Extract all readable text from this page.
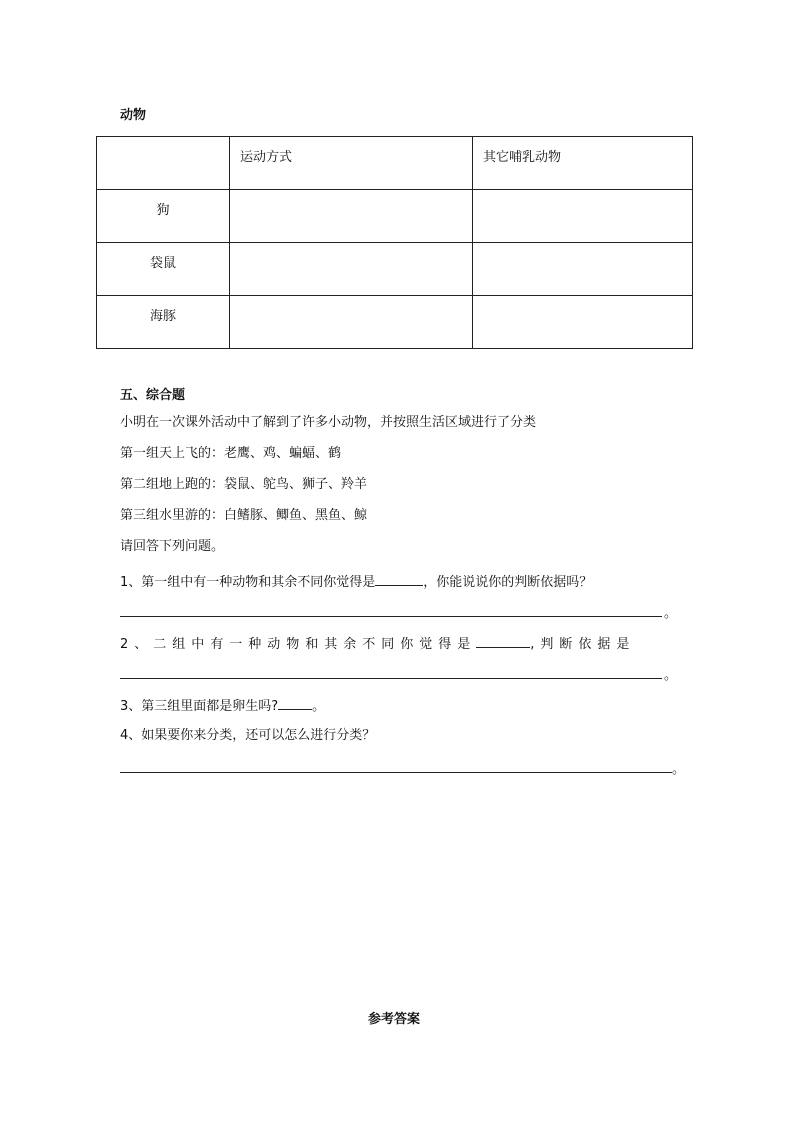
动物
	运动方式	其它哺乳动物
狗		
袋鼠		
海豚		
五、综合题
小明在一次课外活动中了解到了许多小动物，并按照生活区域进行了分类
第一组天上飞的：老鹰、鸡、蝙蝠、鹤
第二组地上跑的：袋鼠、鸵鸟、狮子、羚羊
第三组水里游的：白鳍豚、鲫鱼、黑鱼、鲸
请回答下列问题。
1、第一组中有一种动物和其余不同你觉得是	，你能说说你的判断依据吗？
。
2、二组中有一种动物和其余不同你觉得是	,判断依据是
。
3、第三组里面都是卵生吗?	。
4、如果要你来分类，还可以怎么进行分类？
。
参考答案
